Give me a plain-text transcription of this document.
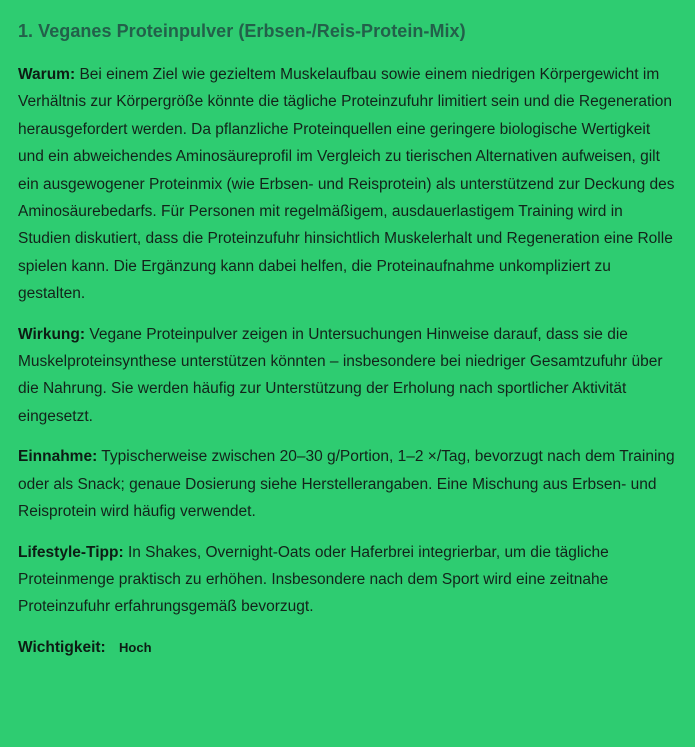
1. Veganes Proteinpulver (Erbsen-/Reis-Protein-Mix)

Warum: Bei einem Ziel wie gezieltem Muskelaufbau sowie einem niedrigen Körpergewicht im Verhältnis zur Körpergröße könnte die tägliche Proteinzufuhr limitiert sein und die Regeneration herausgefordert werden. Da pflanzliche Proteinquellen eine geringere biologische Wertigkeit und ein abweichendes Aminosäureprofil im Vergleich zu tierischen Alternativen aufweisen, gilt ein ausgewogener Proteinmix (wie Erbsen- und Reisprotein) als unterstützend zur Deckung des Aminosäurebedarfs. Für Personen mit regelmäßigem, ausdauerlastigem Training wird in Studien diskutiert, dass die Proteinzufuhr hinsichtlich Muskelerhalt und Regeneration eine Rolle spielen kann. Die Ergänzung kann dabei helfen, die Proteinaufnahme unkompliziert zu gestalten.

Wirkung: Vegane Proteinpulver zeigen in Untersuchungen Hinweise darauf, dass sie die Muskelproteinsynthese unterstützen könnten – insbesondere bei niedriger Gesamtzufuhr über die Nahrung. Sie werden häufig zur Unterstützung der Erholung nach sportlicher Aktivität eingesetzt.

Einnahme: Typischerweise zwischen 20–30 g/Portion, 1–2 ×/Tag, bevorzugt nach dem Training oder als Snack; genaue Dosierung siehe Herstellerangaben. Eine Mischung aus Erbsen- und Reisprotein wird häufig verwendet.

Lifestyle-Tipp: In Shakes, Overnight-Oats oder Haferbrei integrierbar, um die tägliche Proteinmenge praktisch zu erhöhen. Insbesondere nach dem Sport wird eine zeitnahe Proteinzufuhr erfahrungsgemäß bevorzugt.

Wichtigkeit: Hoch
